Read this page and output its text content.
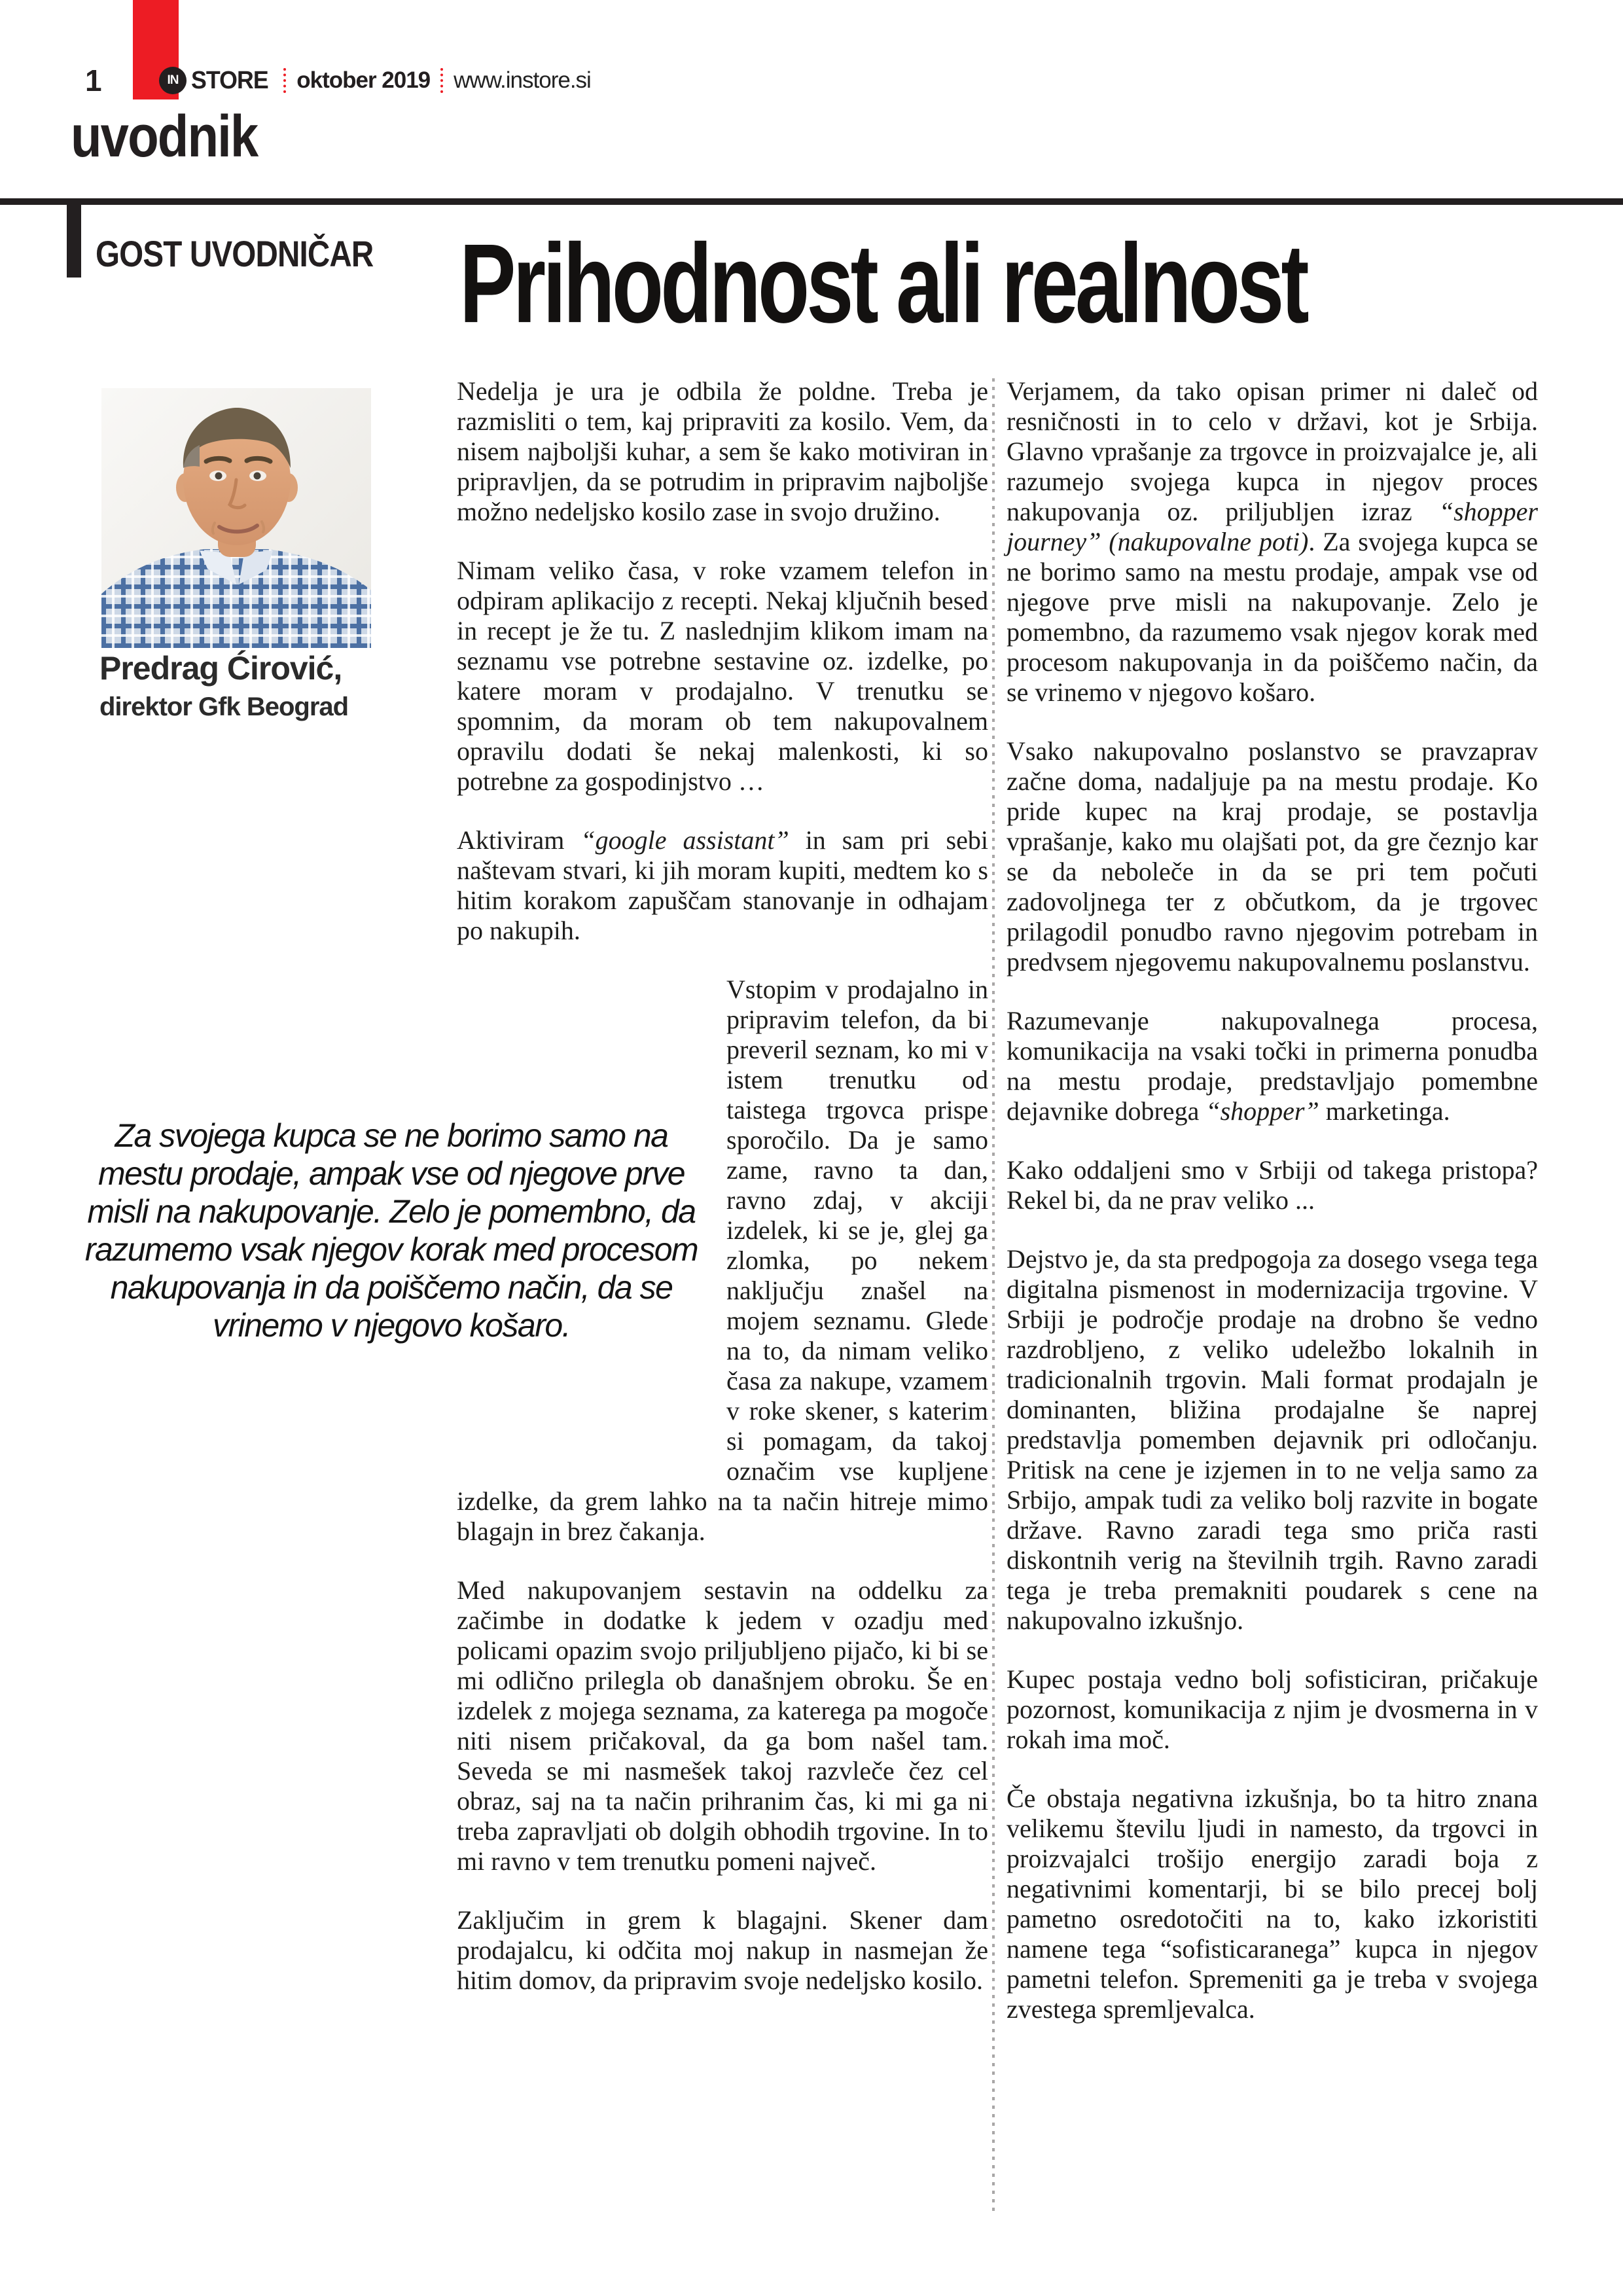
1	IN STORE oktober 2019 www.instore.si
uvodnik
GOST UVODNIČAR Prihodnost ali realnost
Predrag Ćirović,
direktor Gfk Beograd
Za svojega kupca se ne borimo samo na mestu prodaje, ampak vse od njegove prve misli na nakupovanje. Zelo je pomembno, da razumemo vsak njegov korak med procesom nakupovanja in da poiščemo način, da se vrinemo v njegovo košaro.

Nedelja je ura je odbila že poldne. Treba je razmisliti o tem, kaj pripraviti za kosilo. Vem, da nisem najboljši kuhar, a sem še kako motiviran in pripravljen, da se potrudim in pripravim najboljše možno nedeljsko kosilo zase in svojo družino.

Nimam veliko časa, v roke vzamem telefon in odpiram aplikacijo z recepti. Nekaj ključnih besed in recept je že tu. Z naslednjim klikom imam na seznamu vse potrebne sestavine oz. izdelke, po katere moram v prodajalno. V trenutku se spomnim, da moram ob tem nakupovalnem opravilu dodati še nekaj malenkosti, ki so potrebne za gospodinjstvo …

Aktiviram “google assistant” in sam pri sebi naštevam stvari, ki jih moram kupiti, medtem ko s hitim korakom zapuščam stanovanje in odhajam po nakupih.

Vstopim v prodajalno in pripravim telefon, da bi preveril seznam, ko mi v istem trenutku od taistega trgovca prispe sporočilo. Da je samo zame, ravno ta dan, ravno zdaj, v akciji izdelek, ki se je, glej ga zlomka, po nekem naključju znašel na mojem seznamu. Glede na to, da nimam veliko časa za nakupe, vzamem v roke skener, s katerim si pomagam, da takoj označim vse kupljene izdelke, da grem lahko na ta način hitreje mimo blagajn in brez čakanja.

Med nakupovanjem sestavin na oddelku za začimbe in dodatke k jedem v ozadju med policami opazim svojo priljubljeno pijačo, ki bi se mi odlično prilegla ob današnjem obroku. Še en izdelek z mojega seznama, za katerega pa mogoče niti nisem pričakoval, da ga bom našel tam. Seveda se mi nasmešek takoj razvleče čez cel obraz, saj na ta način prihranim čas, ki mi ga ni treba zapravljati ob dolgih obhodih trgovine. In to mi ravno v tem trenutku pomeni največ.

Zaključim in grem k blagajni. Skener dam prodajalcu, ki odčita moj nakup in nasmejan že hitim domov, da pripravim svoje nedeljsko kosilo.

Verjamem, da tako opisan primer ni daleč od resničnosti in to celo v državi, kot je Srbija. Glavno vprašanje za trgovce in proizvajalce je, ali razumejo svojega kupca in njegov proces nakupovanja oz. priljubljen izraz “shopper journey” (nakupovalne poti). Za svojega kupca se ne borimo samo na mestu prodaje, ampak vse od njegove prve misli na nakupovanje. Zelo je pomembno, da razumemo vsak njegov korak med procesom nakupovanja in da poiščemo način, da se vrinemo v njegovo košaro.

Vsako nakupovalno poslanstvo se pravzaprav začne doma, nadaljuje pa na mestu prodaje. Ko pride kupec na kraj prodaje, se postavlja vprašanje, kako mu olajšati pot, da gre čeznjo kar se da neboleče in da se pri tem počuti zadovoljnega ter z občutkom, da je trgovec prilagodil ponudbo ravno njegovim potrebam in predvsem njegovemu nakupovalnemu poslanstvu.

Razumevanje nakupovalnega procesa, komunikacija na vsaki točki in primerna ponudba na mestu prodaje, predstavljajo pomembne dejavnike dobrega “shopper” marketinga.

Kako oddaljeni smo v Srbiji od takega pristopa? Rekel bi, da ne prav veliko ...

Dejstvo je, da sta predpogoja za dosego vsega tega digitalna pismenost in modernizacija trgovine. V Srbiji je področje prodaje na drobno še vedno razdrobljeno, z veliko udeležbo lokalnih in tradicionalnih trgovin. Mali format prodajaln je dominanten, bližina prodajalne še naprej predstavlja pomemben dejavnik pri odločanju. Pritisk na cene je izjemen in to ne velja samo za Srbijo, ampak tudi za veliko bolj razvite in bogate države. Ravno zaradi tega smo priča rasti diskontnih verig na številnih trgih. Ravno zaradi tega je treba premakniti poudarek s cene na nakupovalno izkušnjo.

Kupec postaja vedno bolj sofisticiran, pričakuje pozornost, komunikacija z njim je dvosmerna in v rokah ima moč.

Če obstaja negativna izkušnja, bo ta hitro znana velikemu številu ljudi in namesto, da trgovci in proizvajalci trošijo energijo zaradi boja z negativnimi komentarji, bi se bilo precej bolj pametno osredotočiti na to, kako izkoristiti namene tega “sofisticaranega” kupca in njegov pametni telefon. Spremeniti ga je treba v svojega zvestega spremljevalca.
